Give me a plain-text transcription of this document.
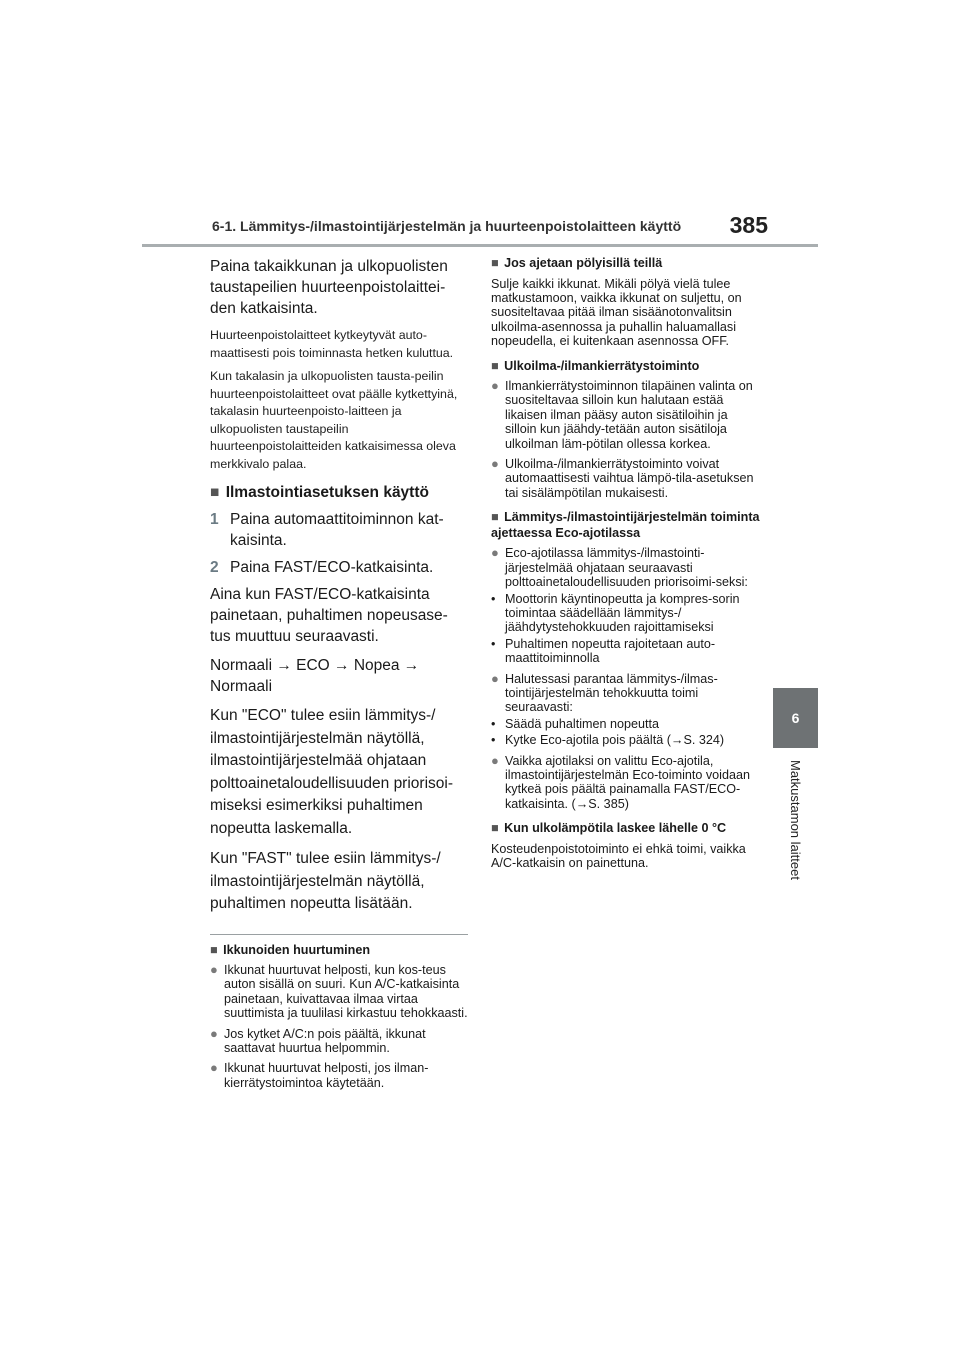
6-1. Lämmitys-/ilmastointijärjestelmän ja huurteenpoistolaitteen käyttö 385
6
Matkustamon laitteet

Paina takaikkunan ja ulkopuolisten taustapeilien huurteenpoistolaittei-den katkaisinta.

Huurteenpoistolaitteet kytkeytyvät auto-maattisesti pois toiminnasta hetken kuluttua.

Kun takalasin ja ulkopuolisten tausta-peilin huurteenpoistolaitteet ovat päälle kytkettyinä, takalasin huurteenpoisto-laitteen ja ulkopuolisten taustapeilin huurteenpoistolaitteiden katkaisimessa oleva merkkivalo palaa.

■ Ilmastointiasetuksen käyttö
1 Paina automaattitoiminnon kat-kaisinta.
2 Paina FAST/ECO-katkaisinta.

Aina kun FAST/ECO-katkaisinta painetaan, puhaltimen nopeusase-tus muuttuu seuraavasti.

Normaali → ECO → Nopea → Normaali

Kun "ECO" tulee esiin lämmitys-/ ilmastointijärjestelmän näytöllä, ilmastointijärjestelmää ohjataan polttoainetaloudellisuuden priorisoi-miseksi esimerkiksi puhaltimen nopeutta laskemalla.

Kun "FAST" tulee esiin lämmitys-/ ilmastointijärjestelmän näytöllä, puhaltimen nopeutta lisätään.

■ Ikkunoiden huurtuminen
● Ikkunat huurtuvat helposti, kun kos-teus auton sisällä on suuri. Kun A/C-katkaisinta painetaan, kuivattavaa ilmaa virtaa suuttimista ja tuulilasi kirkastuu tehokkaasti.
● Jos kytket A/C:n pois päältä, ikkunat saattavat huurtua helpommin.
● Ikkunat huurtuvat helposti, jos ilman-kierrätystoimintoa käytetään.
■ Jos ajetaan pölyisillä teillä

Sulje kaikki ikkunat. Mikäli pölyä vielä tulee matkustamoon, vaikka ikkunat on suljettu, on suositeltavaa pitää ilman sisäänotonvalitsin ulkoilma-asennossa ja puhallin haluamallasi nopeudella, ei kuitenkaan asennossa OFF.

■ Ulkoilma-/ilmankierrätystoiminto
● Ilmankierrätystoiminnon tilapäinen valinta on suositeltavaa silloin kun halutaan estää likaisen ilman pääsy auton sisätiloihin ja silloin kun jäähdy-tetään auton sisätiloja ulkoilman läm-pötilan ollessa korkea.
● Ulkoilma-/ilmankierrätystoiminto voivat automaattisesti vaihtua lämpö-tila-asetuksen tai sisälämpötilan mukaisesti.
■ Lämmitys-/ilmastointijärjestelmän toiminta ajettaessa Eco-ajotilassa
● Eco-ajotilassa lämmitys-/ilmastointi-järjestelmää ohjataan seuraavasti polttoainetaloudellisuuden priorisoimi-seksi:
• Moottorin käyntinopeutta ja kompres-sorin toimintaa säädellään lämmitys-/ jäähdytystehokkuuden rajoittamiseksi
• Puhaltimen nopeutta rajoitetaan auto-maattitoiminnolla
● Halutessasi parantaa lämmitys-/ilmas-tointijärjestelmän tehokkuutta toimi seuraavasti:
• Säädä puhaltimen nopeutta
• Kytke Eco-ajotila pois päältä (→S. 324)
● Vaikka ajotilaksi on valittu Eco-ajotila, ilmastointijärjestelmän Eco-toiminto voidaan kytkeä pois päältä painamalla FAST/ECO-katkaisinta. (→S. 385)
■ Kun ulkolämpötila laskee lähelle 0 °C

Kosteudenpoistotoiminto ei ehkä toimi, vaikka A/C-katkaisin on painettuna.
